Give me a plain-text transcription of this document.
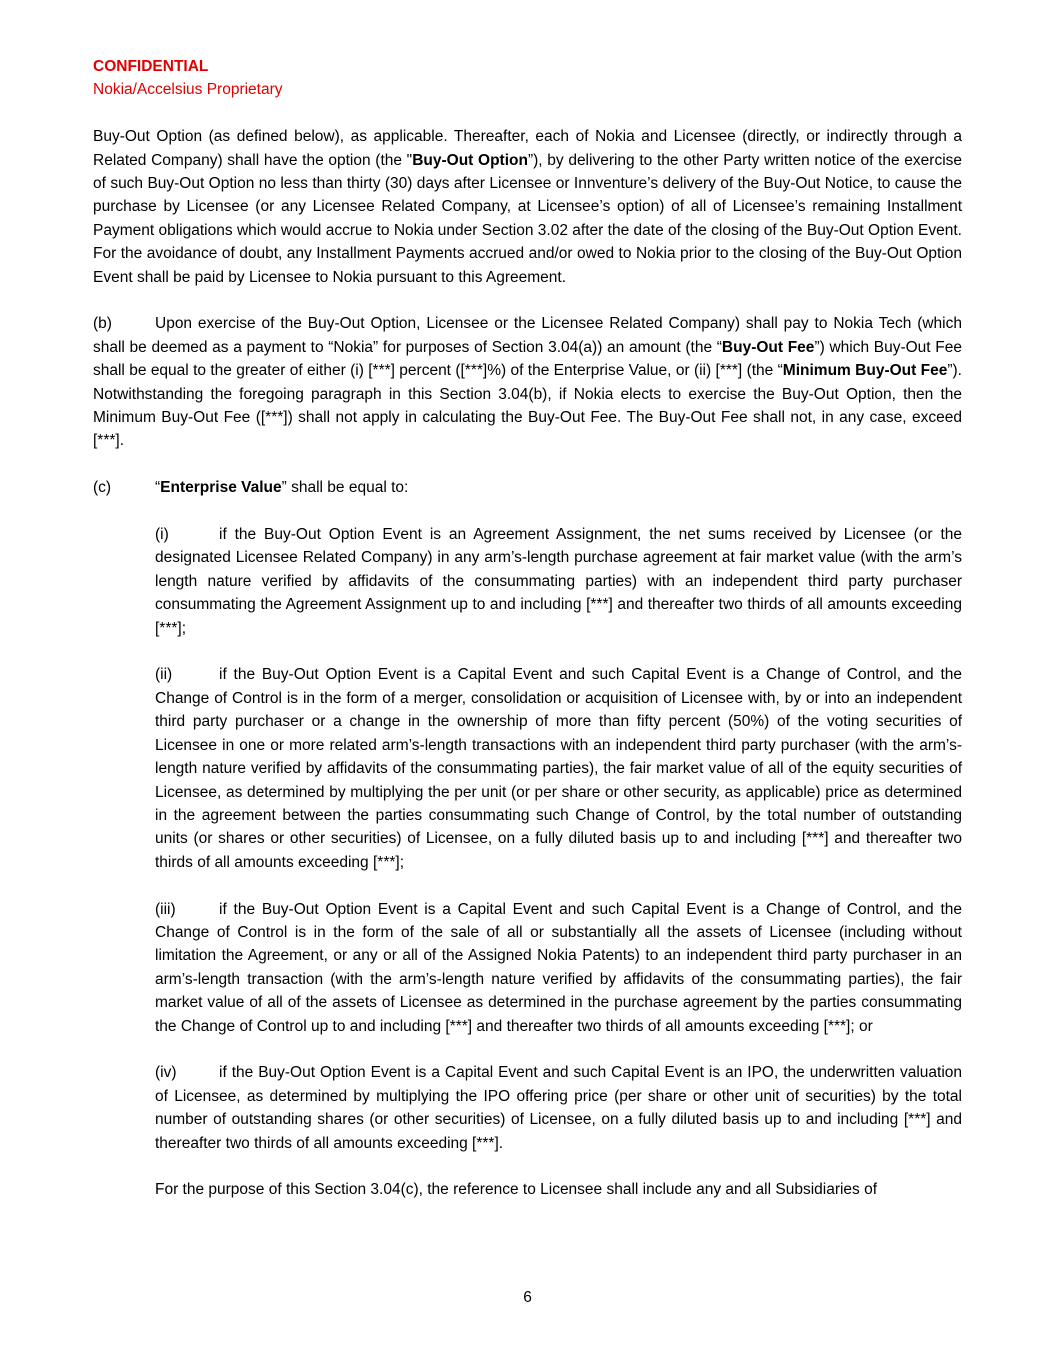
CONFIDENTIAL
Nokia/Accelsius Proprietary

Buy-Out Option (as defined below), as applicable. Thereafter, each of Nokia and Licensee (directly, or indirectly through a Related Company) shall have the option (the "Buy-Out Option”), by delivering to the other Party written notice of the exercise of such Buy-Out Option no less than thirty (30) days after Licensee or Innventure’s delivery of the Buy-Out Notice, to cause the purchase by Licensee (or any Licensee Related Company, at Licensee’s option) of all of Licensee’s remaining Installment Payment obligations which would accrue to Nokia under Section 3.02 after the date of the closing of the Buy-Out Option Event. For the avoidance of doubt, any Installment Payments accrued and/or owed to Nokia prior to the closing of the Buy-Out Option Event shall be paid by Licensee to Nokia pursuant to this Agreement.

(b)	Upon exercise of the Buy-Out Option, Licensee or the Licensee Related Company) shall pay to Nokia Tech (which shall be deemed as a payment to “Nokia” for purposes of Section 3.04(a)) an amount (the “Buy-Out Fee”) which Buy-Out Fee shall be equal to the greater of either (i) [***] percent ([***]%) of the Enterprise Value, or (ii) [***] (the “Minimum Buy-Out Fee”). Notwithstanding the foregoing paragraph in this Section 3.04(b), if Nokia elects to exercise the Buy-Out Option, then the Minimum Buy-Out Fee ([***]) shall not apply in calculating the Buy-Out Fee. The Buy-Out Fee shall not, in any case, exceed [***].

(c)	“Enterprise Value” shall be equal to:

(i)	if the Buy-Out Option Event is an Agreement Assignment, the net sums received by Licensee (or the designated Licensee Related Company) in any arm’s-length purchase agreement at fair market value (with the arm’s length nature verified by affidavits of the consummating parties) with an independent third party purchaser consummating the Agreement Assignment up to and including [***] and thereafter two thirds of all amounts exceeding [***];

(ii)	if the Buy-Out Option Event is a Capital Event and such Capital Event is a Change of Control, and the Change of Control is in the form of a merger, consolidation or acquisition of Licensee with, by or into an independent third party purchaser or a change in the ownership of more than fifty percent (50%) of the voting securities of Licensee in one or more related arm’s-length transactions with an independent third party purchaser (with the arm’s-length nature verified by affidavits of the consummating parties), the fair market value of all of the equity securities of Licensee, as determined by multiplying the per unit (or per share or other security, as applicable) price as determined in the agreement between the parties consummating such Change of Control, by the total number of outstanding units (or shares or other securities) of Licensee, on a fully diluted basis up to and including [***] and thereafter two thirds of all amounts exceeding [***];

(iii)	if the Buy-Out Option Event is a Capital Event and such Capital Event is a Change of Control, and the Change of Control is in the form of the sale of all or substantially all the assets of Licensee (including without limitation the Agreement, or any or all of the Assigned Nokia Patents) to an independent third party purchaser in an arm’s-length transaction (with the arm’s-length nature verified by affidavits of the consummating parties), the fair market value of all of the assets of Licensee as determined in the purchase agreement by the parties consummating the Change of Control up to and including [***] and thereafter two thirds of all amounts exceeding [***]; or

(iv)	if the Buy-Out Option Event is a Capital Event and such Capital Event is an IPO, the underwritten valuation of Licensee, as determined by multiplying the IPO offering price (per share or other unit of securities) by the total number of outstanding shares (or other securities) of Licensee, on a fully diluted basis up to and including [***] and thereafter two thirds of all amounts exceeding [***].

For the purpose of this Section 3.04(c), the reference to Licensee shall include any and all Subsidiaries of

6
